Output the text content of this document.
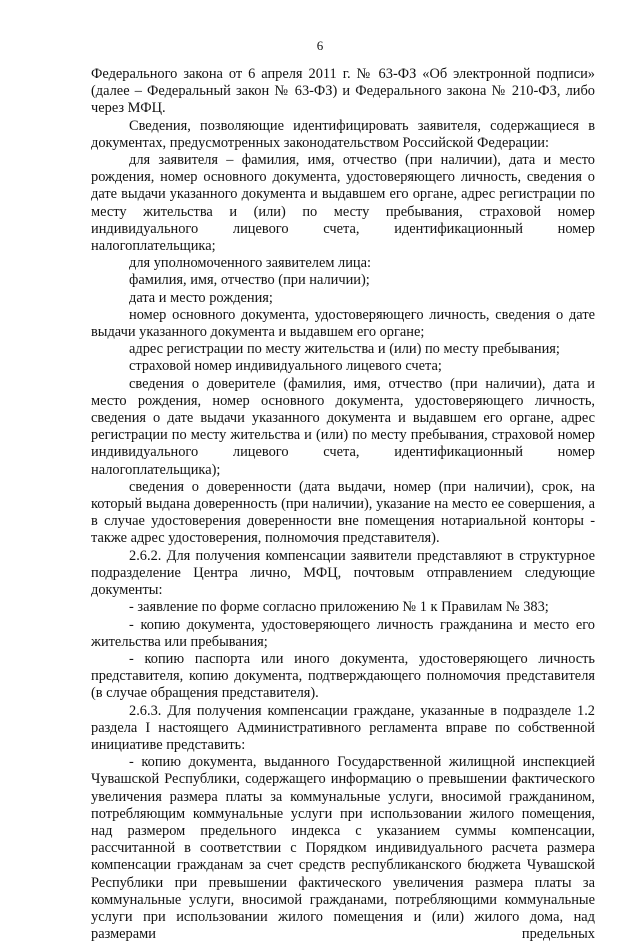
6

Федерального закона от 6 апреля 2011 г. № 63-ФЗ «Об электронной подписи» (далее – Федеральный закон № 63-ФЗ) и Федерального закона № 210-ФЗ, либо через МФЦ.

Сведения, позволяющие идентифицировать заявителя, содержащиеся в документах, предусмотренных законодательством Российской Федерации:

для заявителя – фамилия, имя, отчество (при наличии), дата и место рождения, номер основного документа, удостоверяющего личность, сведения о дате выдачи указанного документа и выдавшем его органе, адрес регистрации по месту жительства и (или) по месту пребывания, страховой номер индивидуального лицевого счета, идентификационный номер налогоплательщика;

для уполномоченного заявителем лица:

фамилия, имя, отчество (при наличии);

дата и место рождения;

номер основного документа, удостоверяющего личность, сведения о дате выдачи указанного документа и выдавшем его органе;

адрес регистрации по месту жительства и (или) по месту пребывания;

страховой номер индивидуального лицевого счета;

сведения о доверителе (фамилия, имя, отчество (при наличии), дата и место рождения, номер основного документа, удостоверяющего личность, сведения о дате выдачи указанного документа и выдавшем его органе, адрес регистрации по месту жительства и (или) по месту пребывания, страховой номер индивидуального лицевого счета, идентификационный номер налогоплательщика);

сведения о доверенности (дата выдачи, номер (при наличии), срок, на который выдана доверенность (при наличии), указание на место ее совершения, а в случае удостоверения доверенности вне помещения нотариальной конторы - также адрес удостоверения, полномочия представителя).

2.6.2. Для получения компенсации заявители представляют в структурное подразделение Центра лично, МФЦ, почтовым отправлением следующие документы:

- заявление по форме согласно приложению № 1 к Правилам № 383;

- копию документа, удостоверяющего личность гражданина и место его жительства или пребывания;

- копию паспорта или иного документа, удостоверяющего личность представителя, копию документа, подтверждающего полномочия представителя (в случае обращения представителя).

2.6.3. Для получения компенсации граждане, указанные в подразделе 1.2 раздела I настоящего Административного регламента вправе по собственной инициативе представить:

- копию документа, выданного Государственной жилищной инспекцией Чувашской Республики, содержащего информацию о превышении фактического увеличения размера платы за коммунальные услуги, вносимой гражданином, потребляющим коммунальные услуги при использовании жилого помещения, над размером предельного индекса с указанием суммы компенсации, рассчитанной в соответствии с Порядком индивидуального расчета размера компенсации гражданам за счет средств республиканского бюджета Чувашской Республики при превышении фактического увеличения размера платы за коммунальные услуги, вносимой гражданами, потребляющими коммунальные услуги при использовании жилого помещения и (или) жилого дома, над размерами предельных
